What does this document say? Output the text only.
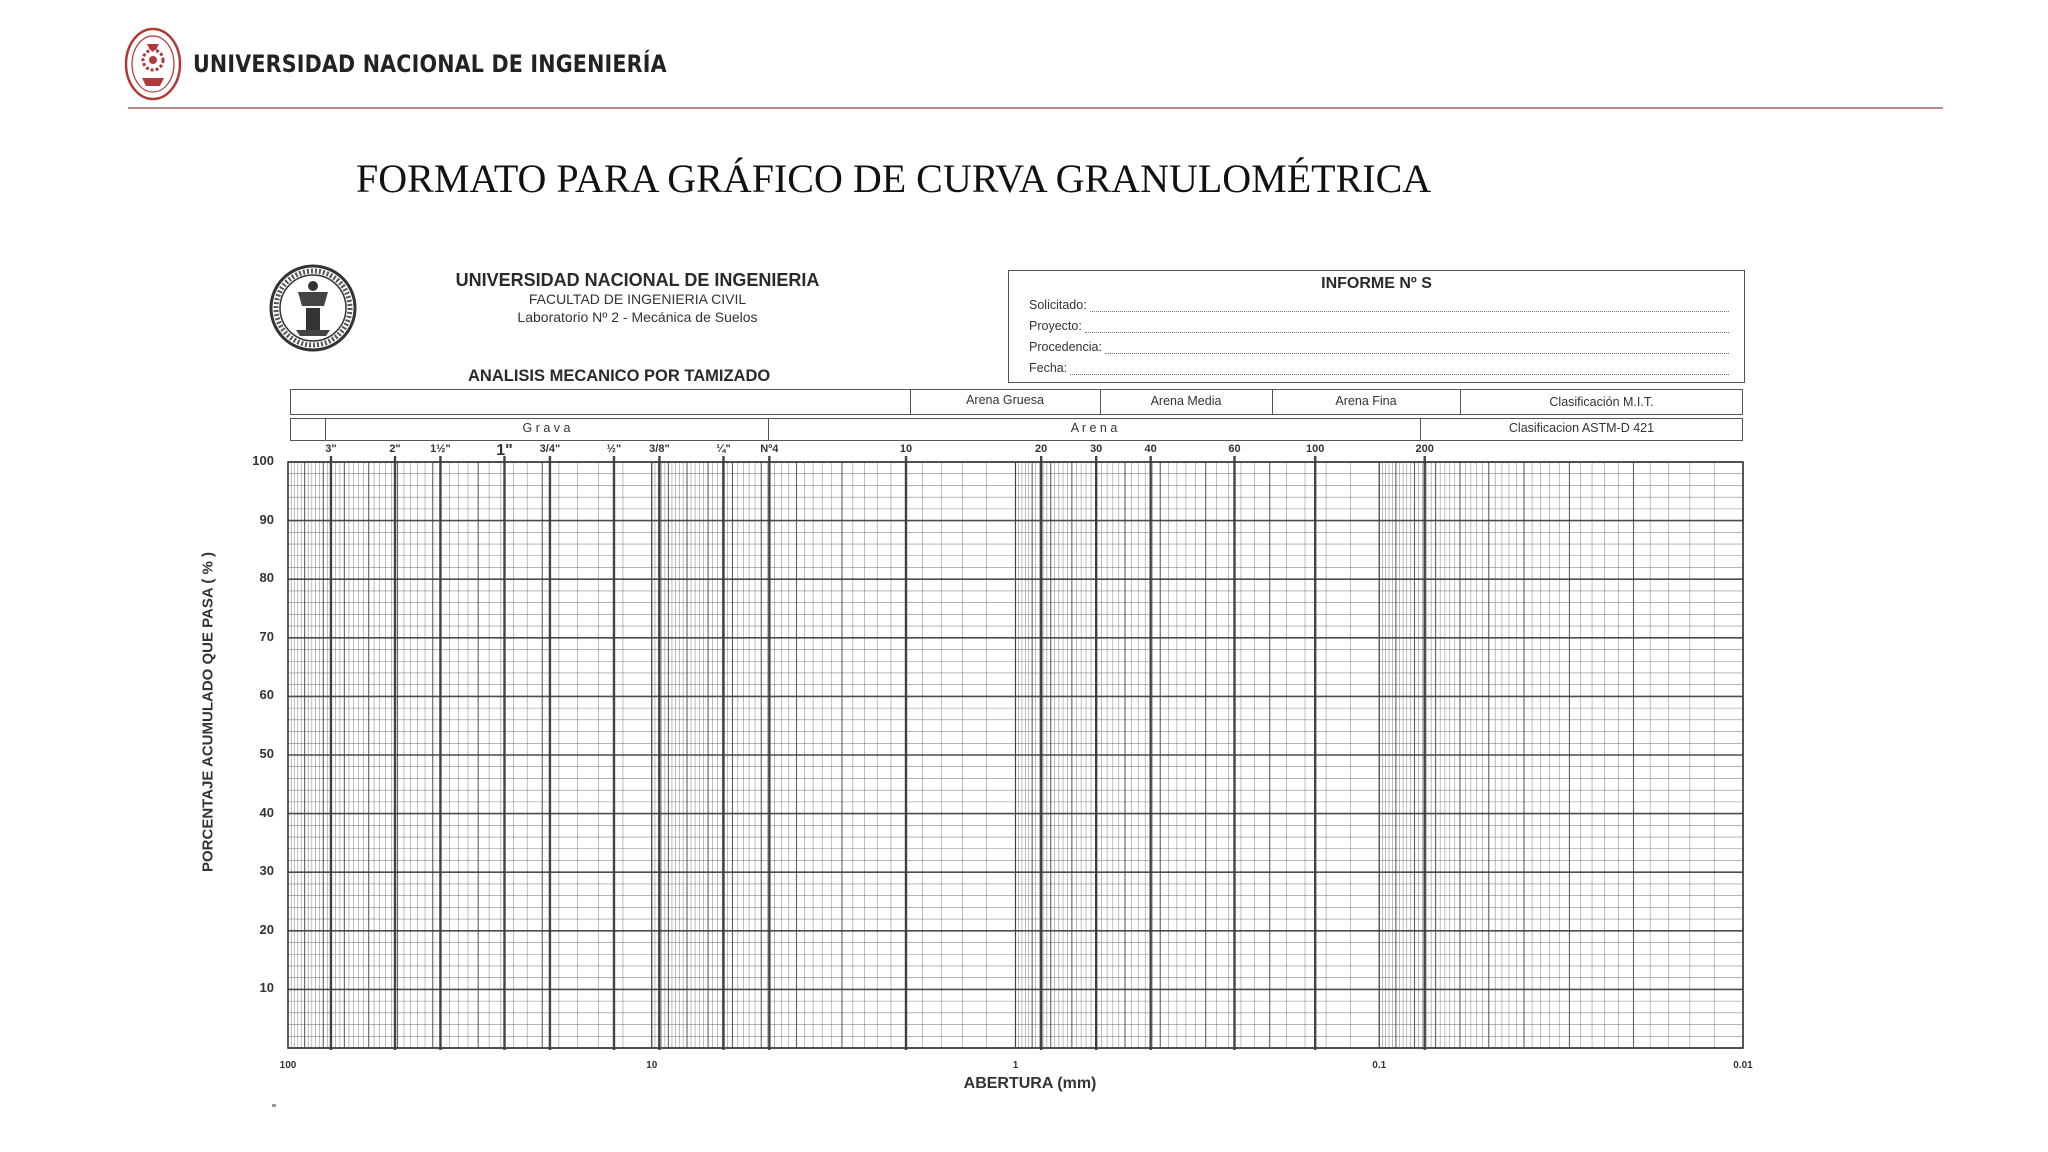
UNIVERSIDAD NACIONAL DE INGENIERÍA
FORMATO PARA GRÁFICO DE CURVA GRANULOMÉTRICA
UNIVERSIDAD NACIONAL DE INGENIERIA
FACULTAD DE INGENIERIA CIVIL
Laboratorio Nº 2 - Mecánica de Suelos
ANALISIS MECANICO POR TAMIZADO
INFORME Nº S
Solicitado:
Proyecto:
Procedencia:
Fecha:
Arena Gruesa	Arena Media	Arena Fina	Clasificación M.I.T.
G r a v a	A r e n a	Clasificacion ASTM-D 421
3"	2"	1½"	1" 3/4"	½"	3/8"	¼"	Nº4	10	20	30	40	60	100	200
100
90
80
70
60
50
40
30
20
10
100	10	1	0.1	0.01
PORCENTAJE ACUMULADO QUE PASA ( % )
ABERTURA (mm)
